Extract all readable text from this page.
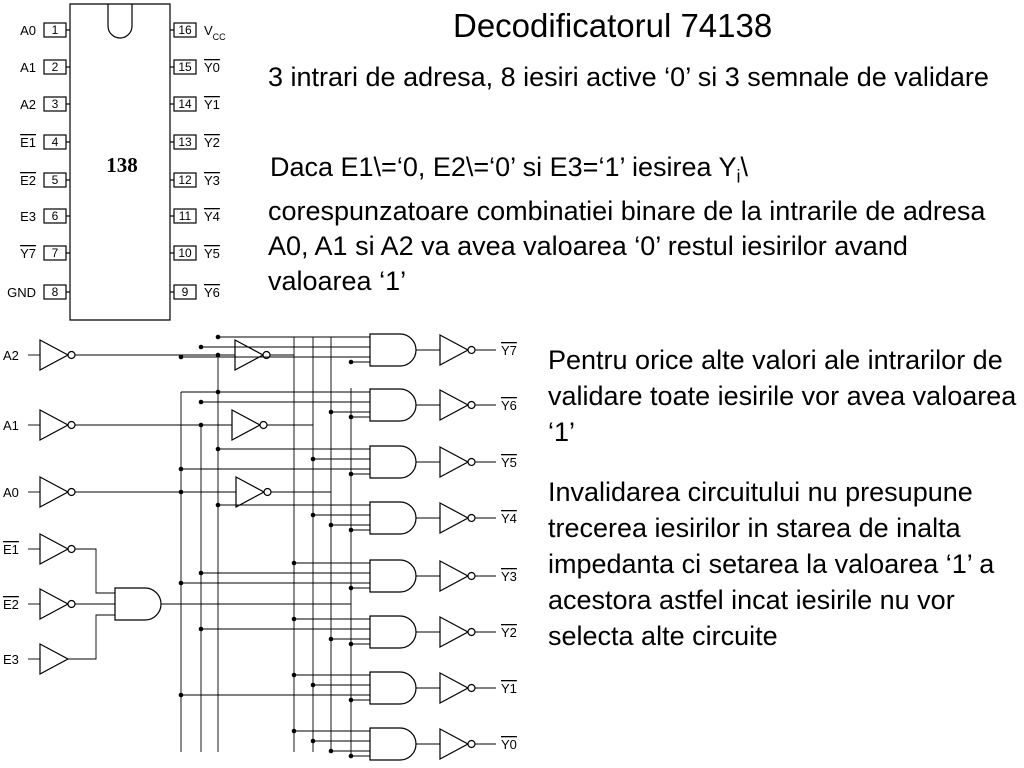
1
A0
2
A1
3
A2
4
E1
5
E2
6
E3
7
Y7
8
GND
16 $V_{CC}$
15 Y0
14 Y1
13 Y2
12 Y3
11 Y4
10 Y5
9 Y6
138
A2
A1
A0
E1
E2
E3
Y7
Y6
Y5
Y4
Y3
Y2
Y1
Y0
Decodificatorul 74138
3 intrari de adresa, 8 iesiri active ‘0’ si 3 semnale de validare
Daca E1\=‘0, E2\=‘0’ si E3=‘1’ iesirea $Y_i\backslash$
corespunzatoare combinatiei binare de la intrarile de adresa A0, A1 si A2 va avea valoarea ‘0’ restul iesirilor avand valoarea ‘1’
Pentru orice alte valori ale intrarilor de validare toate iesirile vor avea valoarea ‘1’
Invalidarea circuitului nu presupune trecerea iesirilor in starea de inalta impedanta ci setarea la valoarea ‘1’ a acestora astfel incat iesirile nu vor selecta alte circuite
